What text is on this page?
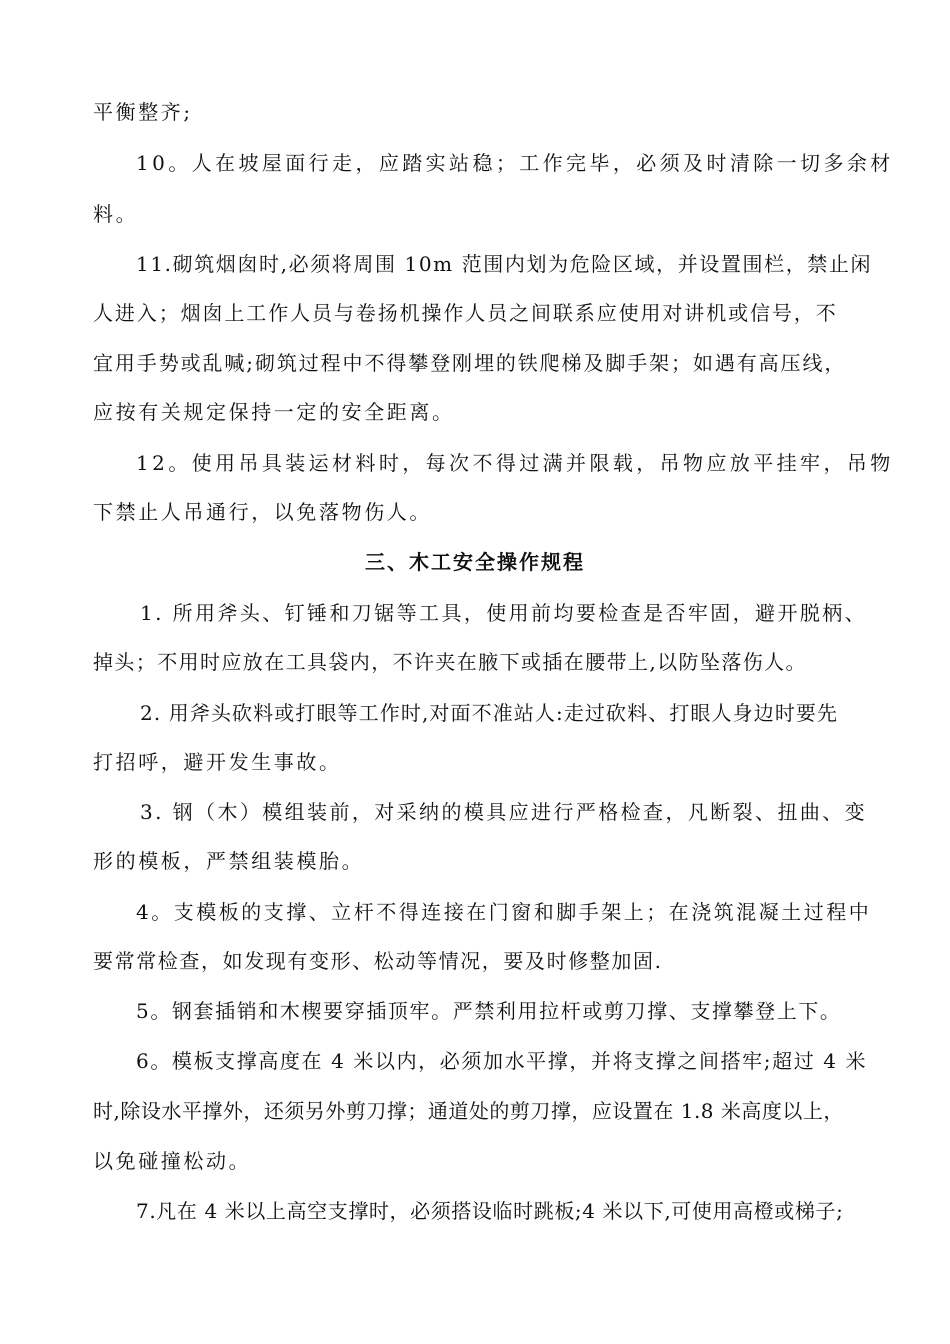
平衡整齐;
10。人在坡屋面行走，应踏实站稳；工作完毕，必须及时清除一切多余材
料。
11.砌筑烟囱时,必须将周围 10m 范围内划为危险区域，并设置围栏，禁止闲
人进入；烟囱上工作人员与卷扬机操作人员之间联系应使用对讲机或信号，不
宜用手势或乱喊;砌筑过程中不得攀登刚埋的铁爬梯及脚手架；如遇有高压线，
应按有关规定保持一定的安全距离。
12。使用吊具装运材料时，每次不得过满并限载，吊物应放平挂牢，吊物
下禁止人吊通行，以免落物伤人。
三、木工安全操作规程
1. 所用斧头、钉锤和刀锯等工具，使用前均要检查是否牢固，避开脱柄、
掉头；不用时应放在工具袋内，不许夹在腋下或插在腰带上,以防坠落伤人。
2. 用斧头砍料或打眼等工作时,对面不准站人:走过砍料、打眼人身边时要先
打招呼，避开发生事故。
3. 钢（木）模组装前，对采纳的模具应进行严格检查，凡断裂、扭曲、变
形的模板，严禁组装模胎。
4。支模板的支撑、立杆不得连接在门窗和脚手架上；在浇筑混凝土过程中
要常常检查，如发现有变形、松动等情况，要及时修整加固.
5。钢套插销和木楔要穿插顶牢。严禁利用拉杆或剪刀撑、支撑攀登上下。
6。模板支撑高度在 4 米以内，必须加水平撑，并将支撑之间搭牢;超过 4 米
时,除设水平撑外，还须另外剪刀撑；通道处的剪刀撑，应设置在 1.8 米高度以上，
以免碰撞松动。
7.凡在 4 米以上高空支撑时，必须搭设临时跳板;4 米以下,可使用高橙或梯子;
